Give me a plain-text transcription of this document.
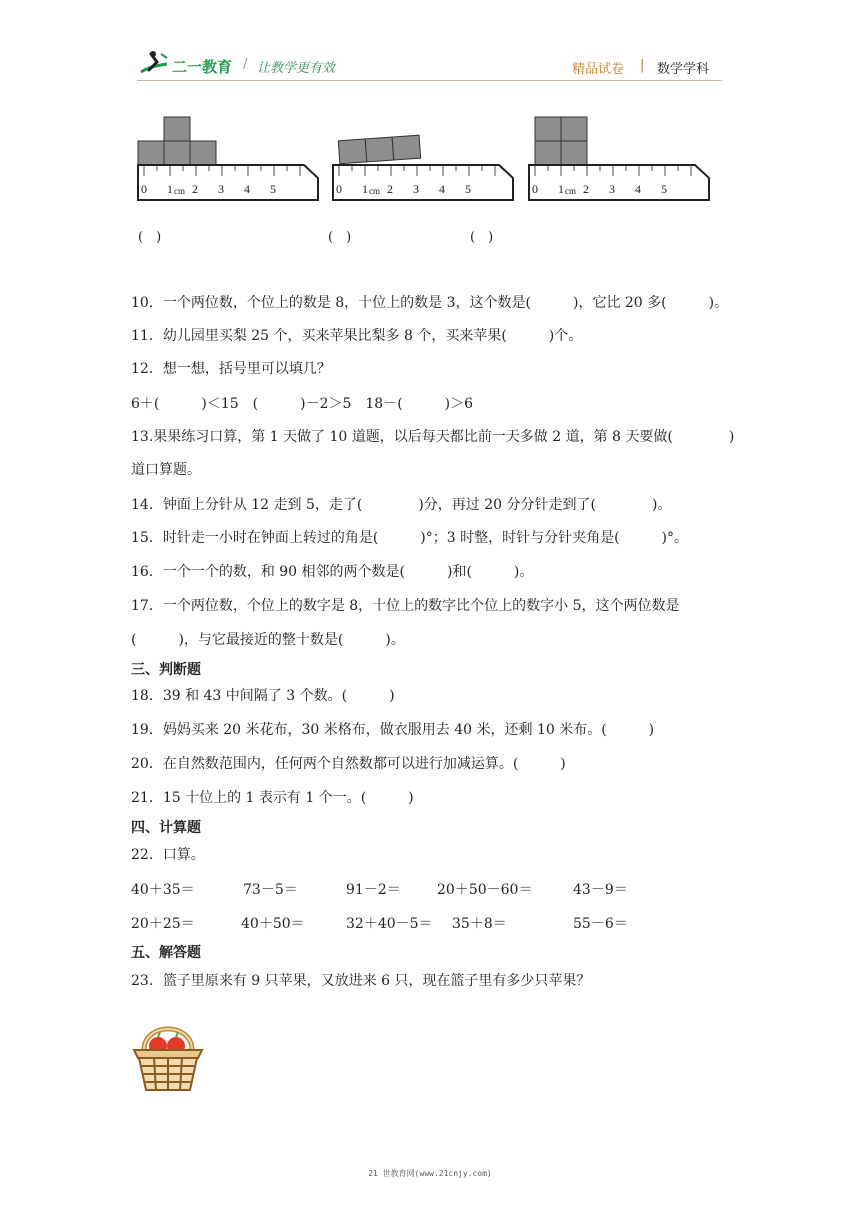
二一教育 / 让教学更有效	精品试卷 | 数学学科
0 1 cm 2 3 4 5	0 1 cm 2 3 4 5	0 1 cm 2 3 4 5
(　)	(　)	(　)
10．一个两位数，个位上的数是 8，十位上的数是 3，这个数是(　　　)，它比 20 多(　　　)。
11．幼儿园里买梨 25 个，买来苹果比梨多 8 个，买来苹果(　　　)个。
12．想一想，括号里可以填几？
6＋(　　　)＜15　(　　　)－2＞5　18－(　　　)＞6
13.果果练习口算，第 1 天做了 10 道题，以后每天都比前一天多做 2 道，第 8 天要做(　　　　)
道口算题。
14．钟面上分针从 12 走到 5，走了(　　　　)分，再过 20 分分针走到了(　　　　)。
15．时针走一小时在钟面上转过的角是(　　　)°；3 时整，时针与分针夹角是(　　　)°。
16．一个一个的数，和 90 相邻的两个数是(　　　)和(　　　)。
17．一个两位数，个位上的数字是 8，十位上的数字比个位上的数字小 5，这个两位数是
(　　　)，与它最接近的整十数是(　　　)。
三、判断题
18．39 和 43 中间隔了 3 个数。(　　　)
19．妈妈买来 20 米花布，30 米格布，做衣服用去 40 米，还剩 10 米布。(　　　)
20．在自然数范围内，任何两个自然数都可以进行加减运算。(　　　)
21．15 十位上的 1 表示有 1 个一。(　　　)
四、计算题
22．口算。
40＋35＝	73－5＝	91－2＝	20＋50－60＝	43－9＝
20＋25＝	40＋50＝	32＋40－5＝ 35＋8＝	55－6＝
五、解答题
23．篮子里原来有 9 只苹果，又放进来 6 只，现在篮子里有多少只苹果？
21 世教育网(www.21cnjy.com)
